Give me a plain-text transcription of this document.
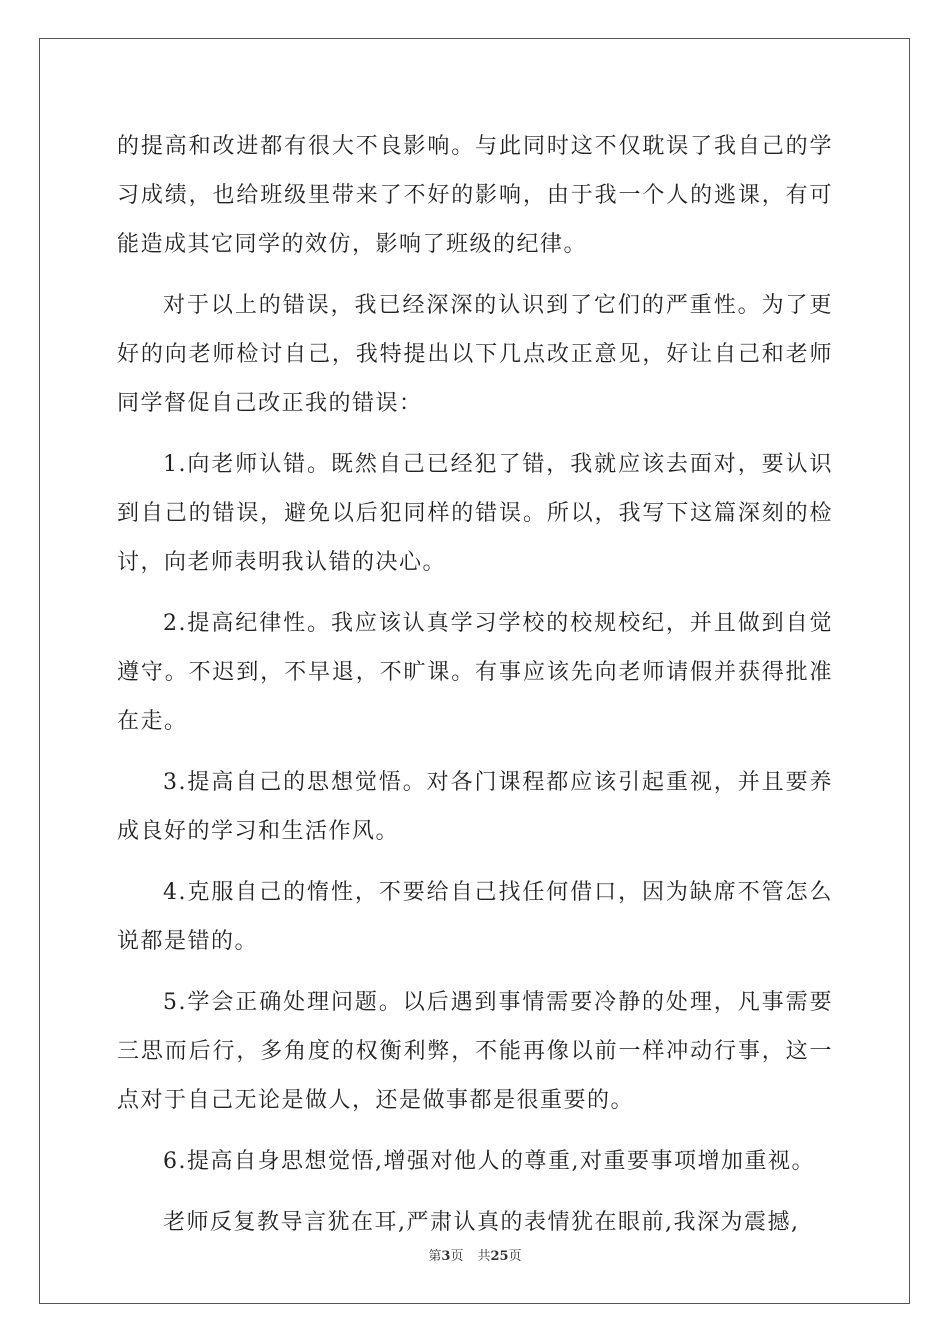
的提高和改进都有很大不良影响。与此同时这不仅耽误了我自己的学习成绩，也给班级里带来了不好的影响，由于我一个人的逃课，有可能造成其它同学的效仿，影响了班级的纪律。

对于以上的错误，我已经深深的认识到了它们的严重性。为了更好的向老师检讨自己，我特提出以下几点改正意见，好让自己和老师同学督促自己改正我的错误：

1.向老师认错。既然自己已经犯了错，我就应该去面对，要认识到自己的错误，避免以后犯同样的错误。所以，我写下这篇深刻的检讨，向老师表明我认错的决心。

2.提高纪律性。我应该认真学习学校的校规校纪，并且做到自觉遵守。不迟到，不早退，不旷课。有事应该先向老师请假并获得批准在走。

3.提高自己的思想觉悟。对各门课程都应该引起重视，并且要养成良好的学习和生活作风。

4.克服自己的惰性，不要给自己找任何借口，因为缺席不管怎么说都是错的。

5.学会正确处理问题。以后遇到事情需要冷静的处理，凡事需要三思而后行，多角度的权衡利弊，不能再像以前一样冲动行事，这一点对于自己无论是做人，还是做事都是很重要的。

6.提高自身思想觉悟,增强对他人的尊重,对重要事项增加重视。

老师反复教导言犹在耳,严肃认真的表情犹在眼前,我深为震撼,

第3页 共25页
